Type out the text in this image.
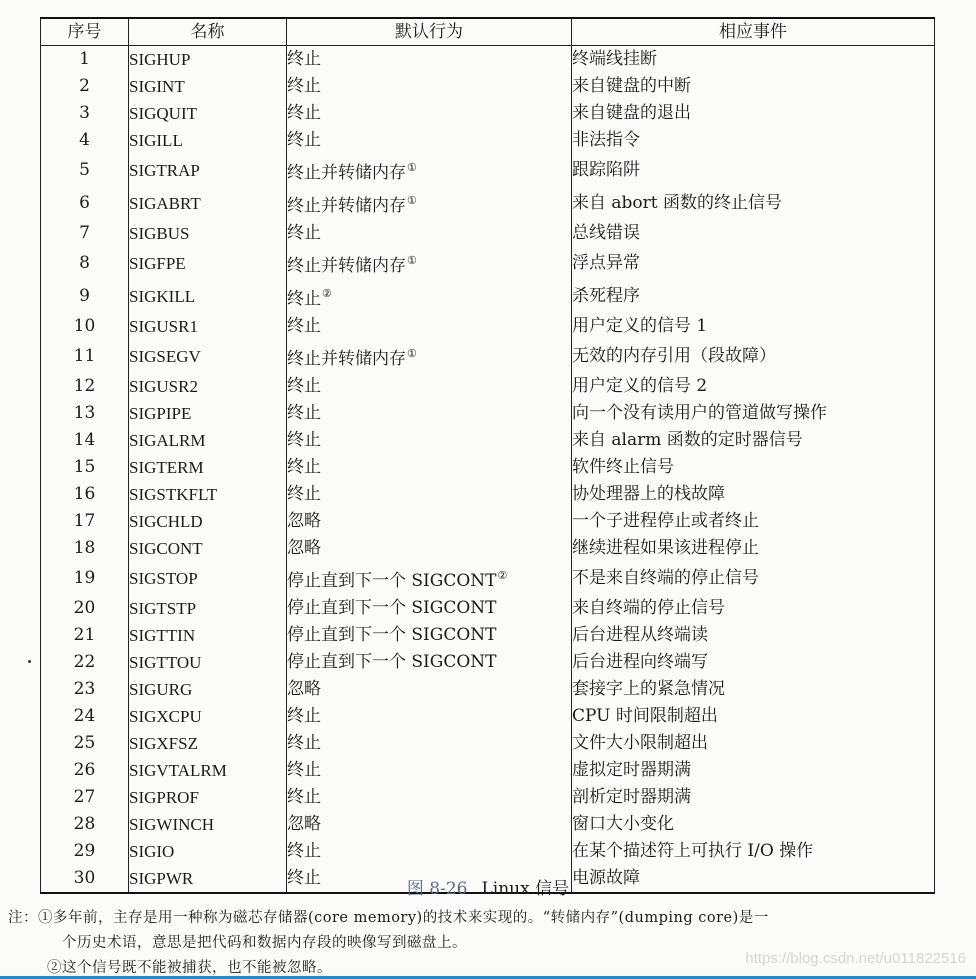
序号	名称	默认行为	相应事件
1	SIGHUP	终止	终端线挂断
2	SIGINT	终止	来自键盘的中断
3	SIGQUIT	终止	来自键盘的退出
4	SIGILL	终止	非法指令
5	SIGTRAP	终止并转储内存①	跟踪陷阱
6	SIGABRT	终止并转储内存①	来自 abort 函数的终止信号
7	SIGBUS	终止	总线错误
8	SIGFPE	终止并转储内存①	浮点异常
9	SIGKILL	终止②	杀死程序
10	SIGUSR1	终止	用户定义的信号 1
11	SIGSEGV	终止并转储内存①	无效的内存引用（段故障）
12	SIGUSR2	终止	用户定义的信号 2
13	SIGPIPE	终止	向一个没有读用户的管道做写操作
14	SIGALRM	终止	来自 alarm 函数的定时器信号
15	SIGTERM	终止	软件终止信号
16	SIGSTKFLT	终止	协处理器上的栈故障
17	SIGCHLD	忽略	一个子进程停止或者终止
18	SIGCONT	忽略	继续进程如果该进程停止
19	SIGSTOP	停止直到下一个 SIGCONT②	不是来自终端的停止信号
20	SIGTSTP	停止直到下一个 SIGCONT	来自终端的停止信号
21	SIGTTIN	停止直到下一个 SIGCONT	后台进程从终端读
22	SIGTTOU	停止直到下一个 SIGCONT	后台进程向终端写
23	SIGURG	忽略	套接字上的紧急情况
24	SIGXCPU	终止	CPU 时间限制超出
25	SIGXFSZ	终止	文件大小限制超出
26	SIGVTALRM	终止	虚拟定时器期满
27	SIGPROF	终止	剖析定时器期满
28	SIGWINCH	忽略	窗口大小变化
29	SIGIO	终止	在某个描述符上可执行 I/O 操作
30	SIGPWR	终止	电源故障
图 8-26 Linux 信号
注：①多年前，主存是用一种称为磁芯存储器(core memory)的技术来实现的。“转储内存”(dumping core)是一
个历史术语，意思是把代码和数据内存段的映像写到磁盘上。
②这个信号既不能被捕获，也不能被忽略。
https://blog.csdn.net/u011822516
